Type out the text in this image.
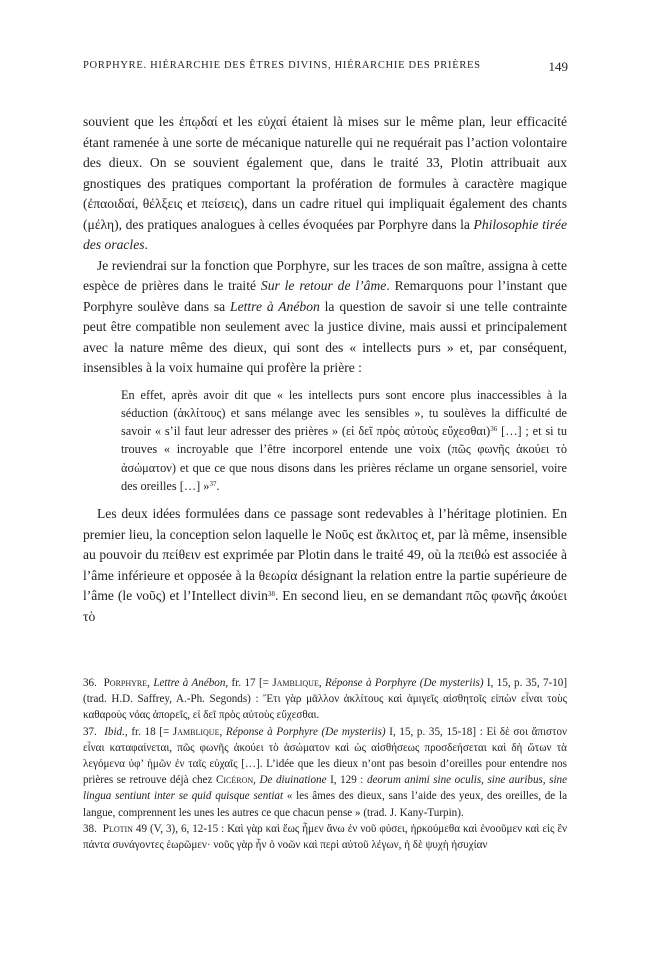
PORPHYRE. HIÉRARCHIE DES ÊTRES DIVINS, HIÉRARCHIE DES PRIÈRES	149

souvient que les ἐπῳδαί et les εὐχαί étaient là mises sur le même plan, leur efficacité étant ramenée à une sorte de mécanique naturelle qui ne requérait pas l’action volontaire des dieux. On se souvient également que, dans le traité 33, Plotin attribuait aux gnostiques des pratiques comportant la profération de formules à caractère magique (ἐπαοιδαί, θέλξεις et πείσεις), dans un cadre rituel qui impliquait également des chants (μέλη), des pratiques analogues à celles évoquées par Porphyre dans la Philosophie tirée des oracles.

Je reviendrai sur la fonction que Porphyre, sur les traces de son maître, assigna à cette espèce de prières dans le traité Sur le retour de l’âme. Remarquons pour l’instant que Porphyre soulève dans sa Lettre à Anébon la question de savoir si une telle contrainte peut être compatible non seulement avec la justice divine, mais aussi et principalement avec la nature même des dieux, qui sont des « intellects purs » et, par conséquent, insensibles à la voix humaine qui profère la prière :

En effet, après avoir dit que « les intellects purs sont encore plus inaccessibles à la séduction (ἀκλίτους) et sans mélange avec les sensibles », tu soulèves la difficulté de savoir « s’il faut leur adresser des prières » (εἰ δεῖ πρὸς αὐτοὺς εὔχεσθαι)$^{36}$ […] ; et si tu trouves « incroyable que l’être incorporel entende une voix (πῶς φωνῆς ἀκούει τὸ ἀσώματον) et que ce que nous disons dans les prières réclame un organe sensoriel, voire des oreilles […] »$^{37}$.

Les deux idées formulées dans ce passage sont redevables à l’héritage plotinien. En premier lieu, la conception selon laquelle le Νοῦς est ἄκλιτος et, par là même, insensible au pouvoir du πείθειν est exprimée par Plotin dans le traité 49, où la πειθώ est associée à l’âme inférieure et opposée à la θεωρία désignant la relation entre la partie supérieure de l’âme (le νοῦς) et l’Intellect divin$^{38}$. En second lieu, en se demandant πῶς φωνῆς ἀκούει τὸ

36. Porphyre, Lettre à Anébon, fr. 17 [= Jamblique, Réponse à Porphyre (De mysteriis) I, 15, p. 35, 7-10] (trad. H.D. Saffrey, A.-Ph. Segonds) : Ἔτι γὰρ μᾶλλον ἀκλίτους καὶ ἀμιγεῖς αἰσθητοῖς εἰπὼν εἶναι τοὺς καθαροὺς νόας ἀπορεῖς, εἰ δεῖ πρὸς αὐτοὺς εὔχεσθαι.

37. Ibid., fr. 18 [= Jamblique, Réponse à Porphyre (De mysteriis) I, 15, p. 35, 15-18] : Εἰ δὲ σοι ἄπιστον εἶναι καταφαίνεται, πῶς φωνῆς ἀκούει τὸ ἀσώματον καὶ ὡς αἰσθήσεως προσδεήσεται καὶ δὴ ὤτων τὰ λεγόμενα ὑφ’ ἡμῶν ἐν ταῖς εὐχαῖς […]. L’idée que les dieux n’ont pas besoin d’oreilles pour entendre nos prières se retrouve déjà chez Cicéron, De diuinatione I, 129 : deorum animi sine oculis, sine auribus, sine lingua sentiunt inter se quid quisque sentiat « les âmes des dieux, sans l’aide des yeux, des oreilles, de la langue, comprennent les unes les autres ce que chacun pense » (trad. J. Kany-Turpin).

38. Plotin 49 (V, 3), 6, 12-15 : Καὶ γὰρ καὶ ἕως ἦμεν ἄνω ἐν νοῦ φύσει, ἠρκούμεθα καὶ ἐνοοῦμεν καὶ εἰς ἓν πάντα συνάγοντες ἑωρῶμεν· νοῦς γὰρ ἦν ὁ νοῶν καὶ περὶ αὐτοῦ λέγων, ἡ δὲ ψυχὴ ἡσυχίαν
